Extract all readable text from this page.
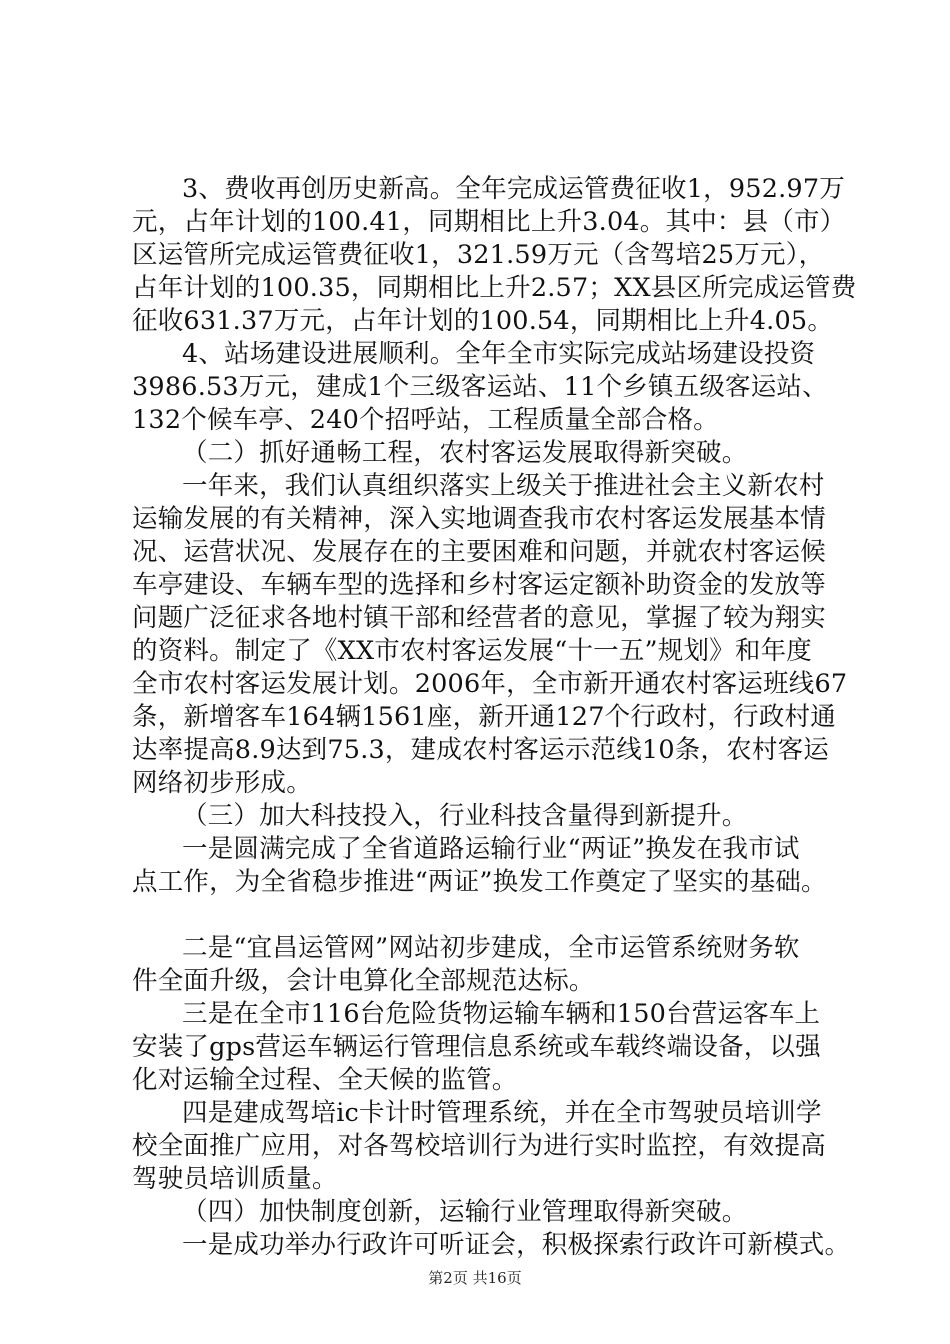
3、费收再创历史新高。全年完成运管费征收1，952.97万
元，占年计划的100.41，同期相比上升3.04。其中：县（市）
区运管所完成运管费征收1，321.59万元（含驾培25万元），
占年计划的100.35，同期相比上升2.57；XX县区所完成运管费
征收631.37万元，占年计划的100.54，同期相比上升4.05。
4、站场建设进展顺利。全年全市实际完成站场建设投资
3986.53万元，建成1个三级客运站、11个乡镇五级客运站、
132个候车亭、240个招呼站，工程质量全部合格。
（二）抓好通畅工程，农村客运发展取得新突破。
一年来，我们认真组织落实上级关于推进社会主义新农村
运输发展的有关精神，深入实地调查我市农村客运发展基本情
况、运营状况、发展存在的主要困难和问题，并就农村客运候
车亭建设、车辆车型的选择和乡村客运定额补助资金的发放等
问题广泛征求各地村镇干部和经营者的意见，掌握了较为翔实
的资料。制定了《XX市农村客运发展“十一五”规划》和年度
全市农村客运发展计划。2006年，全市新开通农村客运班线67
条，新增客车164辆1561座，新开通127个行政村，行政村通
达率提高8.9达到75.3，建成农村客运示范线10条，农村客运
网络初步形成。
（三）加大科技投入，行业科技含量得到新提升。
一是圆满完成了全省道路运输行业“两证”换发在我市试
点工作，为全省稳步推进“两证”换发工作奠定了坚实的基础。
二是“宜昌运管网”网站初步建成，全市运管系统财务软
件全面升级，会计电算化全部规范达标。
三是在全市116台危险货物运输车辆和150台营运客车上
安装了gps营运车辆运行管理信息系统或车载终端设备，以强
化对运输全过程、全天候的监管。
四是建成驾培ic卡计时管理系统，并在全市驾驶员培训学
校全面推广应用，对各驾校培训行为进行实时监控，有效提高
驾驶员培训质量。
（四）加快制度创新，运输行业管理取得新突破。
一是成功举办行政许可听证会，积极探索行政许可新模式。
第2页 共16页
